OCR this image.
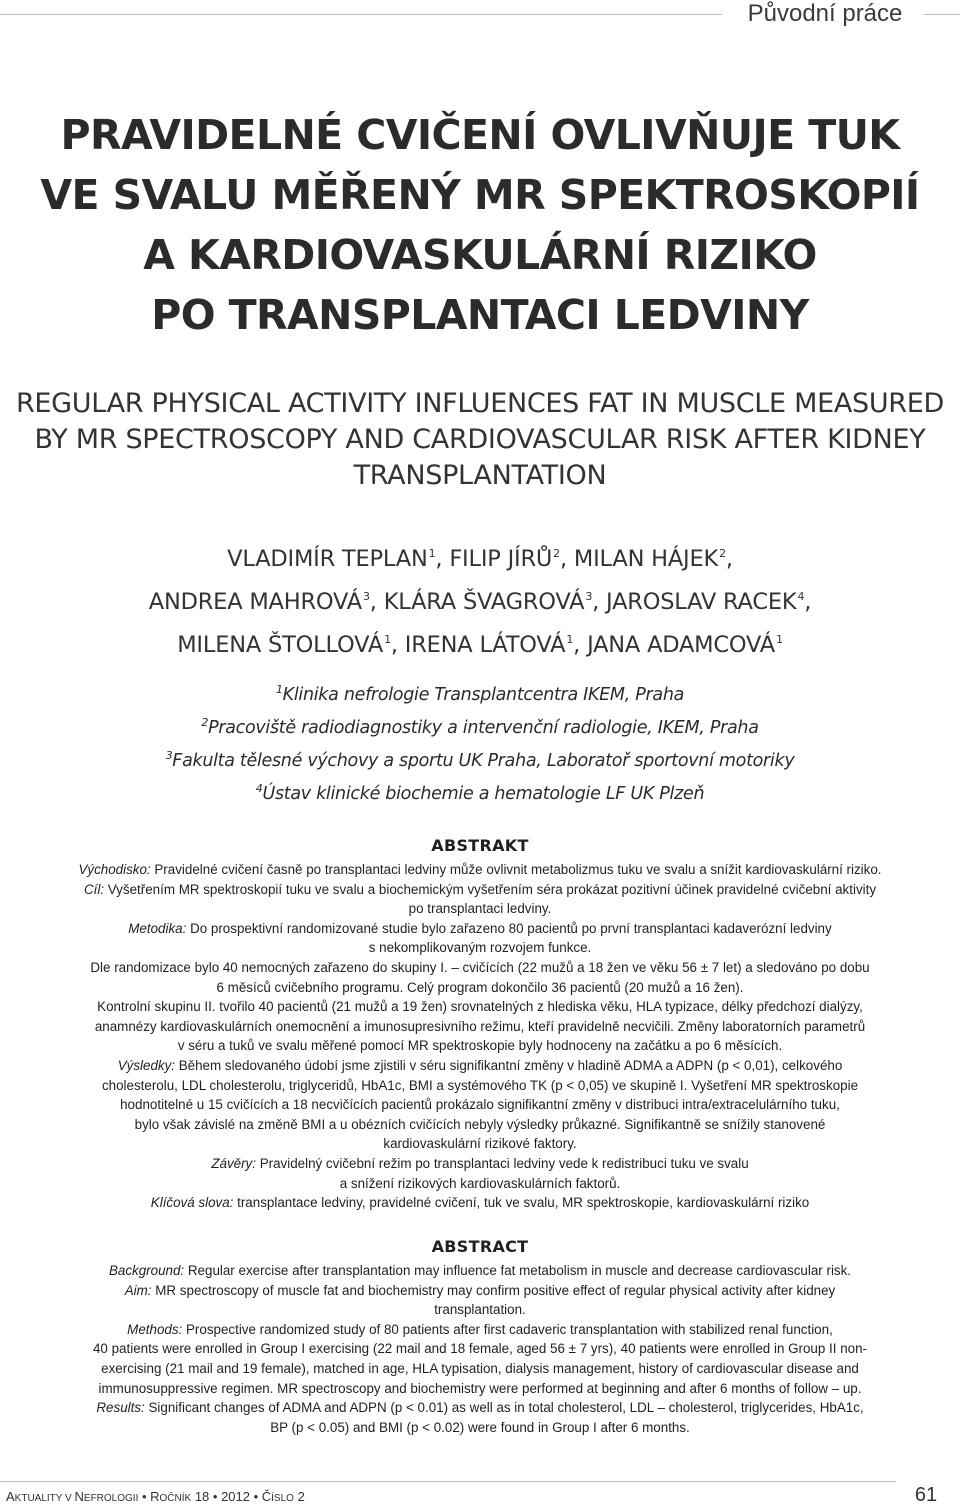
Původní práce
PRAVIDELNÉ CVIČENÍ OVLIVŇUJE TUK
VE SVALU MĚŘENÝ MR SPEKTROSKOPIÍ
A KARDIOVASKULÁRNÍ RIZIKO
PO TRANSPLANTACI LEDVINY
REGULAR PHYSICAL ACTIVITY INFLUENCES FAT IN MUSCLE MEASURED
BY MR SPECTROSCOPY AND CARDIOVASCULAR RISK AFTER KIDNEY
TRANSPLANTATION
VLADIMÍR TEPLAN$^1$, FILIP JÍRŮ$^2$, MILAN HÁJEK$^2$,
ANDREA MAHROVÁ$^3$, KLÁRA ŠVAGROVÁ$^3$, JAROSLAV RACEK$^4$,
MILENA ŠTOLLOVÁ$^1$, IRENA LÁTOVÁ$^1$, JANA ADAMCOVÁ$^1$
$^1$Klinika nefrologie Transplantcentra IKEM, Praha
$^2$Pracoviště radiodiagnostiky a intervenční radiologie, IKEM, Praha
$^3$Fakulta tělesné výchovy a sportu UK Praha, Laboratoř sportovní motoriky
$^4$Ústav klinické biochemie a hematologie LF UK Plzeň
ABSTRAKT
Východisko: Pravidelné cvičení časně po transplantaci ledviny může ovlivnit metabolizmus tuku ve svalu a snížit kardiovaskulární riziko.
Cíl: Vyšetřením MR spektroskopií tuku ve svalu a biochemickým vyšetřením séra prokázat pozitivní účinek pravidelné cvičební aktivity
po transplantaci ledviny.
Metodika: Do prospektivní randomizované studie bylo zařazeno 80 pacientů po první transplantaci kadaverózní ledviny
s nekomplikovaným rozvojem funkce.
Dle randomizace bylo 40 nemocných zařazeno do skupiny I. – cvičících (22 mužů a 18 žen ve věku 56 ± 7 let) a sledováno po dobu
6 měsíců cvičebního programu. Celý program dokončilo 36 pacientů (20 mužů a 16 žen).
Kontrolní skupinu II. tvořilo 40 pacientů (21 mužů a 19 žen) srovnatelných z hlediska věku, HLA typizace, délky předchozí dialýzy,
anamnézy kardiovaskulárních onemocnění a imunosupresivního režimu, kteří pravidelně necvičili. Změny laboratorních parametrů
v séru a tuků ve svalu měřené pomocí MR spektroskopie byly hodnoceny na začátku a po 6 měsících.
Výsledky: Během sledovaného údobí jsme zjistili v séru signifikantní změny v hladině ADMA a ADPN (p < 0,01), celkového
cholesterolu, LDL cholesterolu, triglyceridů, HbA1c, BMI a systémového TK (p < 0,05) ve skupině I. Vyšetření MR spektroskopie
hodnotitelné u 15 cvičících a 18 necvičících pacientů prokázalo signifikantní změny v distribuci intra/extracelulárního tuku,
bylo však závislé na změně BMI a u obézních cvičících nebyly výsledky průkazné. Signifikantně se snížily stanovené
kardiovaskulární rizikové faktory.
Závěry: Pravidelný cvičební režim po transplantaci ledviny vede k redistribuci tuku ve svalu
a snížení rizikových kardiovaskulárních faktorů.
Klíčová slova: transplantace ledviny, pravidelné cvičení, tuk ve svalu, MR spektroskopie, kardiovaskulární riziko
ABSTRACT
Background: Regular exercise after transplantation may influence fat metabolism in muscle and decrease cardiovascular risk.
Aim: MR spectroscopy of muscle fat and biochemistry may confirm positive effect of regular physical activity after kidney
transplantation.
Methods: Prospective randomized study of 80 patients after first cadaveric transplantation with stabilized renal function,
40 patients were enrolled in Group I exercising (22 mail and 18 female, aged 56 ± 7 yrs), 40 patients were enrolled in Group II non-
exercising (21 mail and 19 female), matched in age, HLA typisation, dialysis management, history of cardiovascular disease and
immunosuppressive regimen. MR spectroscopy and biochemistry were performed at beginning and after 6 months of follow – up.
Results: Significant changes of ADMA and ADPN (p < 0.01) as well as in total cholesterol, LDL – cholesterol, triglycerides, HbA1c,
BP (p < 0.05) and BMI (p < 0.02) were found in Group I after 6 months.
AKTUALITY V NEFROLOGII • ROČNÍK 18 • 2012 • ČÍSLO 2	61
